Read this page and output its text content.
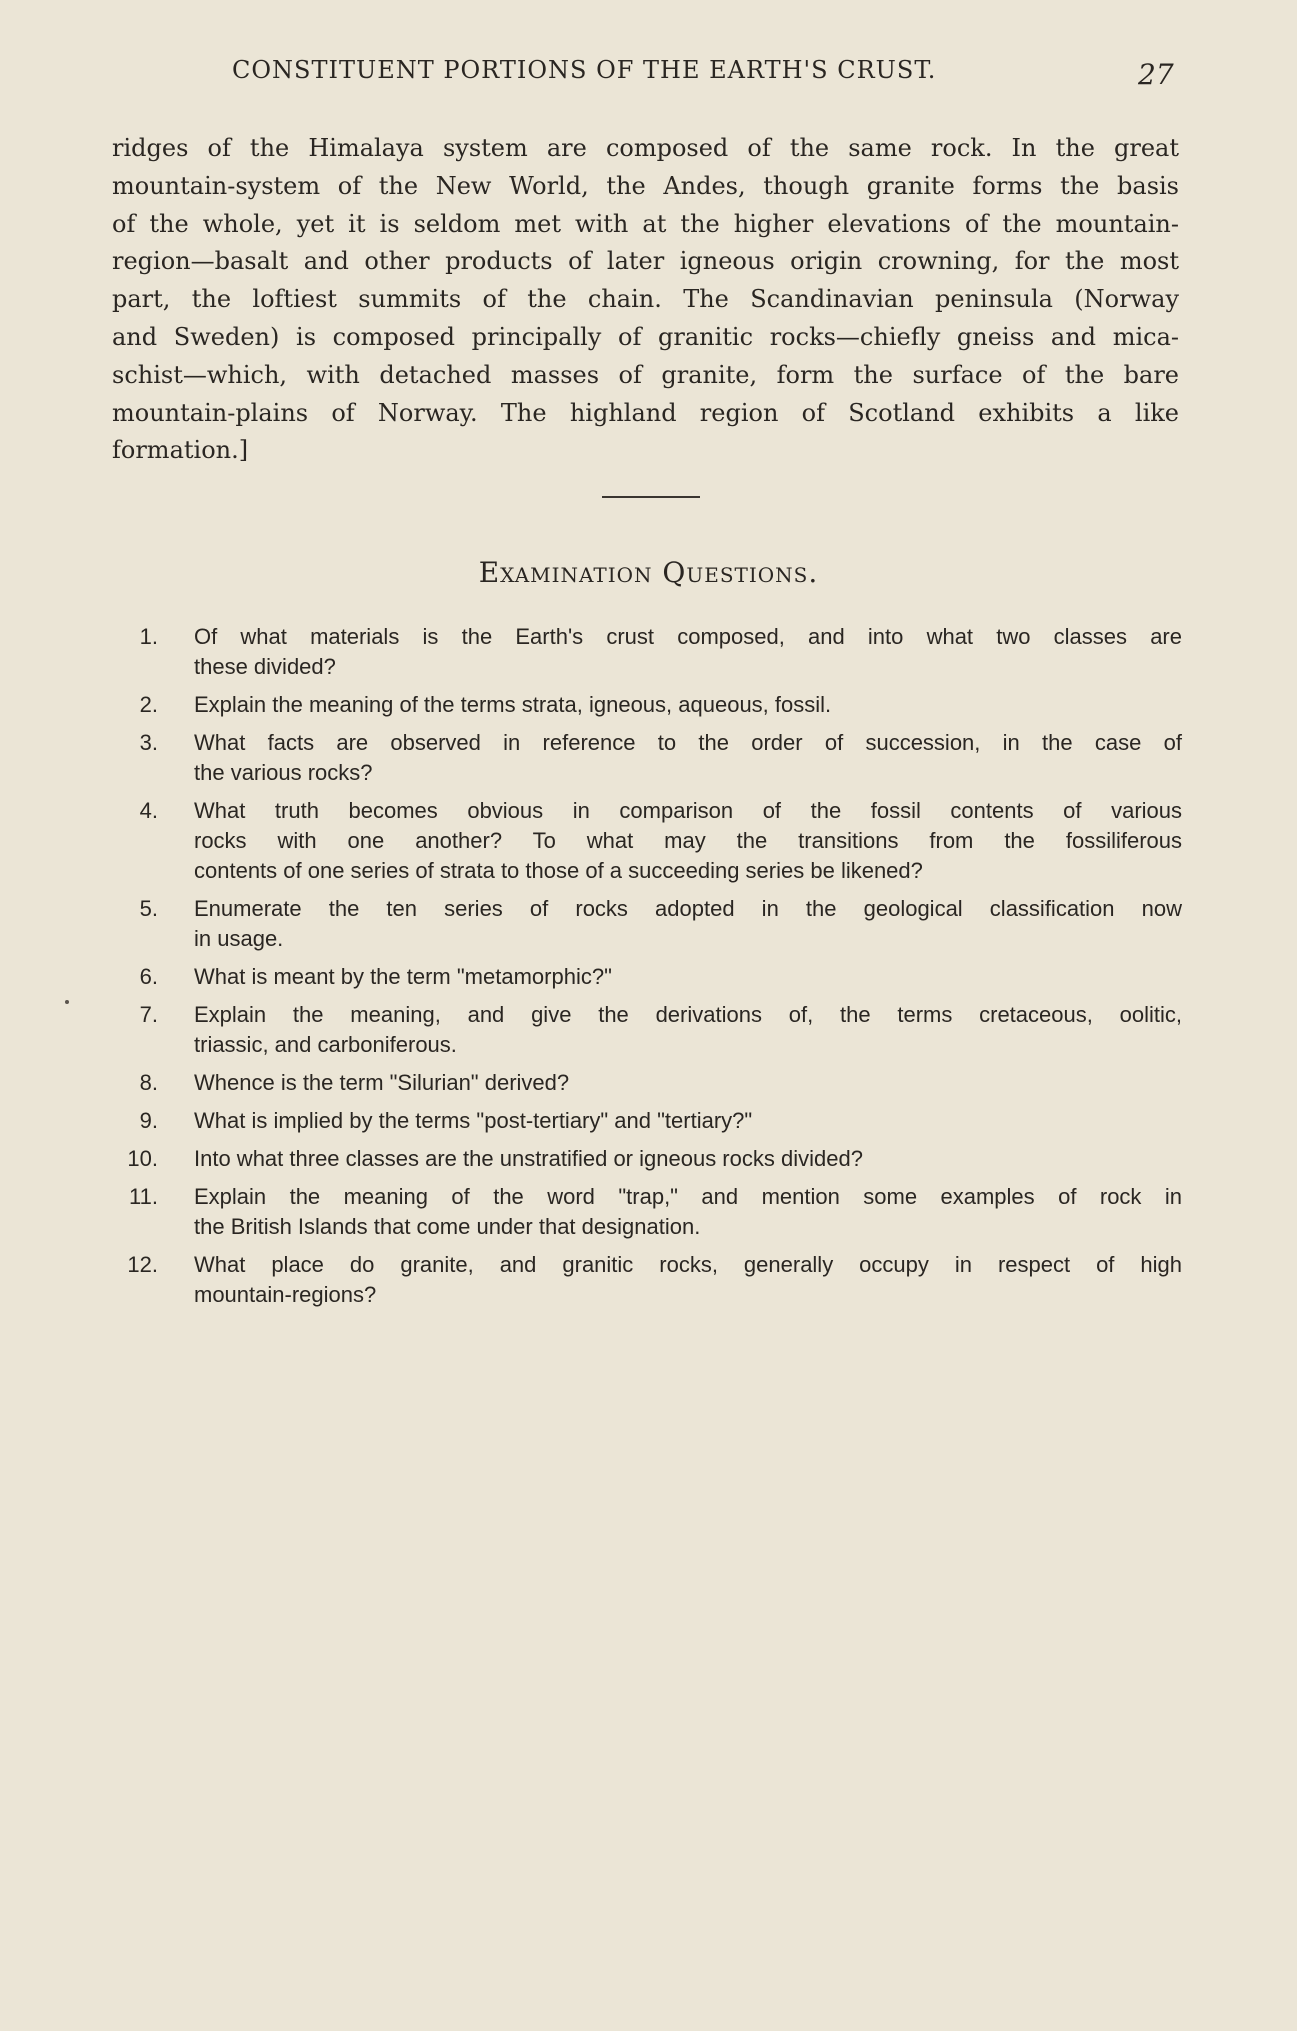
CONSTITUENT PORTIONS OF THE EARTH'S CRUST.	27

ridges of the Himalaya system are composed of the same rock. In the great
mountain-system of the New World, the Andes, though granite forms the basis
of the whole, yet it is seldom met with at the higher elevations of the mountain-
region—basalt and other products of later igneous origin crowning, for the most
part, the loftiest summits of the chain. The Scandinavian peninsula (Norway
and Sweden) is composed principally of granitic rocks—chiefly gneiss and mica-
schist—which, with detached masses of granite, form the surface of the bare
mountain-plains of Norway. The highland region of Scotland exhibits a like
formation.]

Examination Questions.
1. Of what materials is the Earth's crust composed, and into what two classes are
these divided?
2. Explain the meaning of the terms strata, igneous, aqueous, fossil.
3. What facts are observed in reference to the order of succession, in the case of
the various rocks?
4. What truth becomes obvious in comparison of the fossil contents of various
rocks with one another? To what may the transitions from the fossiliferous
contents of one series of strata to those of a succeeding series be likened?
5. Enumerate the ten series of rocks adopted in the geological classification now
in usage.
6. What is meant by the term "metamorphic?"
7. Explain the meaning, and give the derivations of, the terms cretaceous, oolitic,
triassic, and carboniferous.
8. Whence is the term "Silurian" derived?
9. What is implied by the terms "post-tertiary" and "tertiary?"
10. Into what three classes are the unstratified or igneous rocks divided?
11. Explain the meaning of the word "trap," and mention some examples of rock in
the British Islands that come under that designation.
12. What place do granite, and granitic rocks, generally occupy in respect of high
mountain-regions?
